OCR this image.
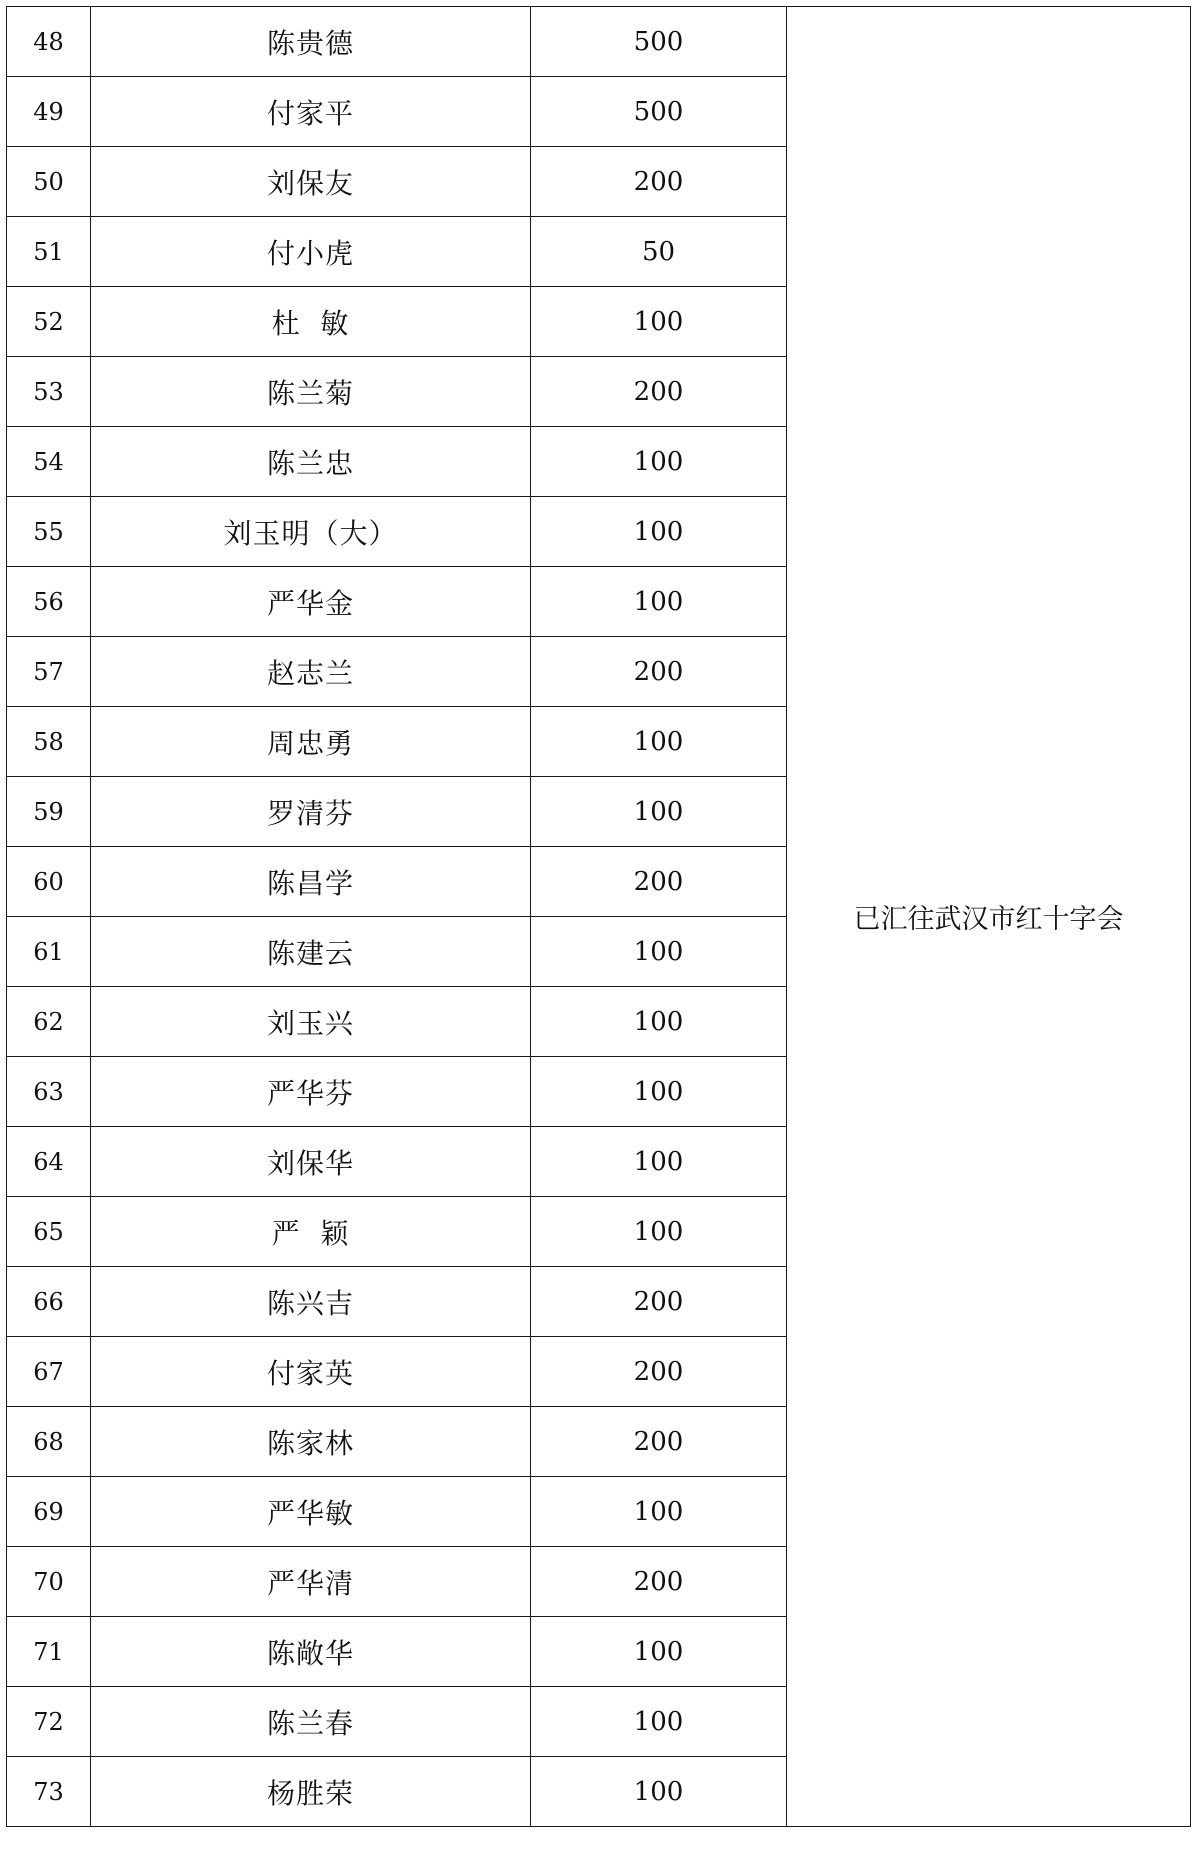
48	陈贵德	500	已汇往武汉市红十字会
49	付家平	500	
50	刘保友	200	
51	付小虎	50	
52	杜  敏	100	
53	陈兰菊	200	
54	陈兰忠	100	
55	刘玉明（大）	100	
56	严华金	100	
57	赵志兰	200	
58	周忠勇	100	
59	罗清芬	100	
60	陈昌学	200	
61	陈建云	100	
62	刘玉兴	100	
63	严华芬	100	
64	刘保华	100	
65	严  颖	100	
66	陈兴吉	200	
67	付家英	200	
68	陈家林	200	
69	严华敏	100	
70	严华清	200	
71	陈敞华	100	
72	陈兰春	100	
73	杨胜荣	100	
